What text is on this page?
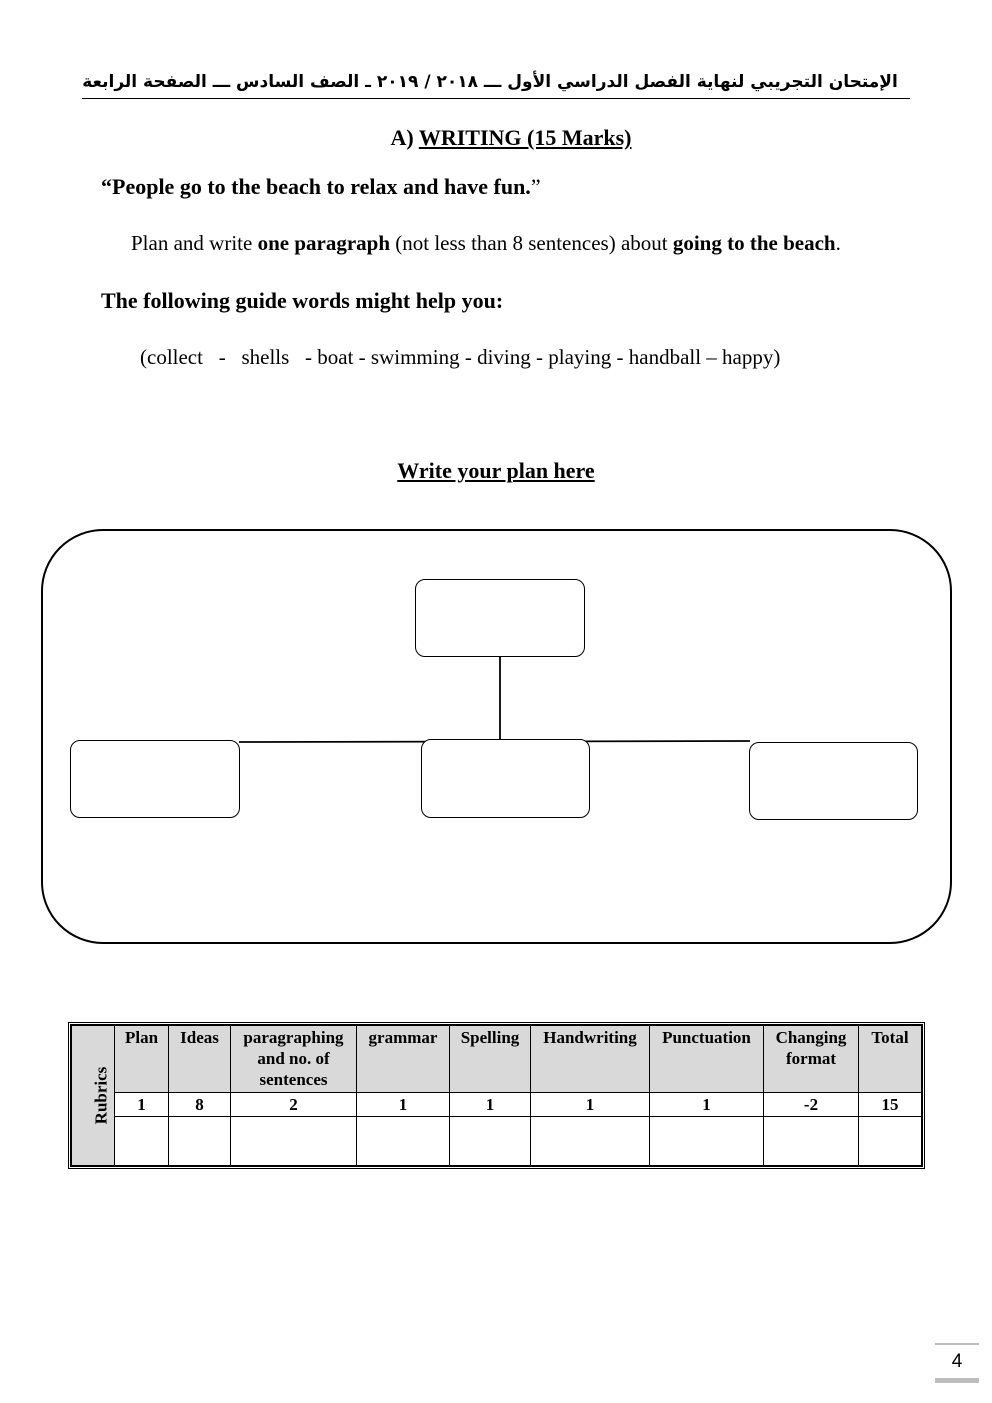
الإمتحان التجريبي لنهاية الفصل الدراسي الأول ـــ ٢٠١٨ / ٢٠١٩ ـ الصف السادس ـــ الصفحة الرابعة
A) WRITING (15 Marks)
“People go to the beach to relax and have fun.”
Plan and write one paragraph (not less than 8 sentences) about going to the beach.
The following guide words might help you:
(collect   -   shells   - boat - swimming - diving - playing - handball – happy)
Write your plan here
Rubrics	Plan	Ideas	paragraphing and no. of sentences	grammar	Spelling	Handwriting	Punctuation	Changing format	Total
	1	8	2	1	1	1	1	-2	15

4
